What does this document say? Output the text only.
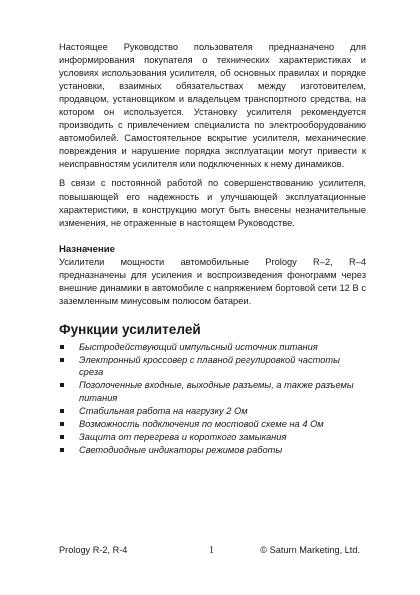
Настоящее Руководство пользователя предназначено для информирования покупателя о технических характеристиках и условиях использования усилителя, об основных правилах и порядке установки, взаимных обязательствах между изготовителем, продавцом, установщиком и владельцем транспортного средства, на котором он используется. Установку усилителя рекомендуется производить с привлечением специалиста по электрооборудованию автомобилей. Самостоятельное вскрытие усилителя, механические повреждения и нарушение порядка эксплуатации могут привести к неисправностям усилителя или подключенных к нему динамиков.

В связи с постоянной работой по совершенствованию усилителя, повышающей его надежность и улучшающей эксплуатационные характеристики, в конструкцию могут быть внесены незначительные изменения, не отраженные в настоящем Руководстве.

Назначение

Усилители мощности автомобильные Prology R–2, R–4 предназначены для усиления и воспроизведения фонограмм через внешние динамики в автомобиле с напряжением бортовой сети 12 В с заземленным минусовым полюсом батареи.

Функции усилителей
Быстродействующий импульсный источник питания
Электронный кроссовер с плавной регулировкой частоты среза
Позолоченные входные, выходные разъемы, а также разъемы питания
Стабильная работа на нагрузку 2 Ом
Возможность подключения по мостовой схеме на 4 Ом
Защита от перегрева и короткого замыкания
Светодиодные индикаторы режимов работы
Prology R-2, R-4	1	© Saturn Marketing, Ltd.
